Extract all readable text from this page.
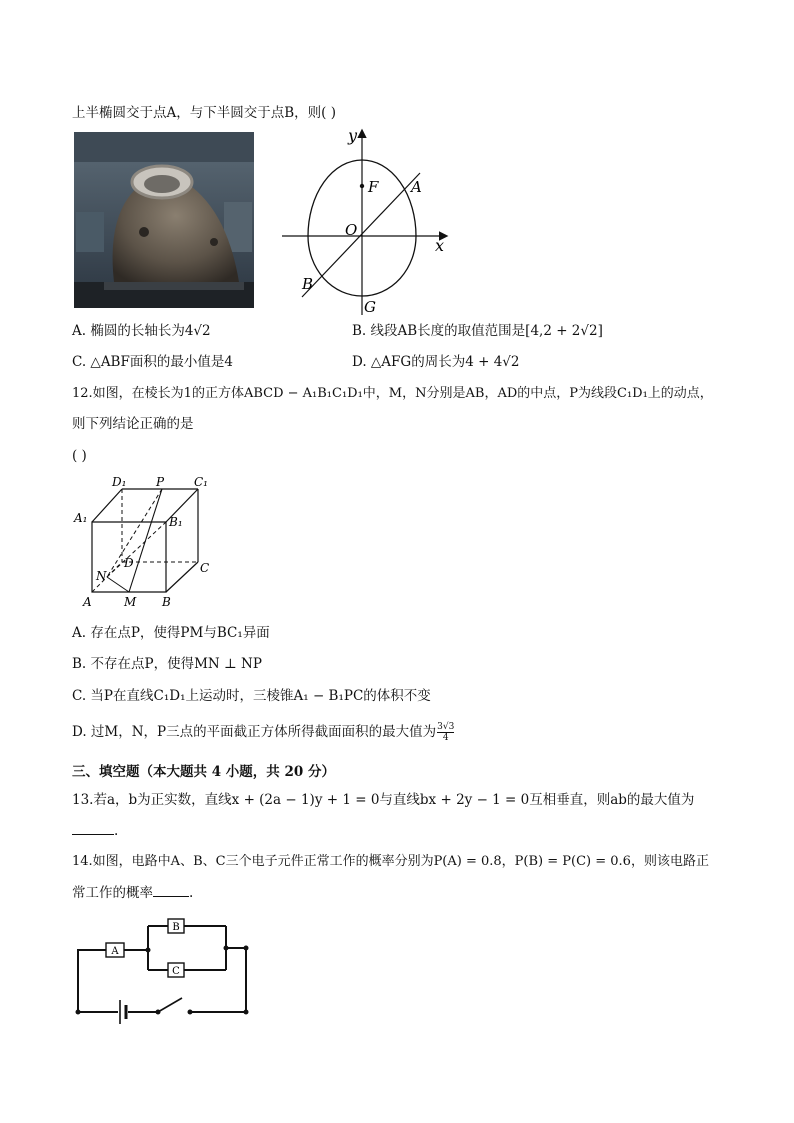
上半椭圆交于点A，与下半圆交于点B，则( )
y
x
O
F A
B
G
A. 椭圆的长轴长为4√2	B. 线段AB长度的取值范围是[4,2 + 2√2]
C. △ABF面积的最小值是4	D. △AFG的周长为4 + 4√2
12.如图，在棱长为1的正方体ABCD − A₁B₁C₁D₁中，M，N分别是AB，AD的中点，P为线段C₁D₁上的动点，
则下列结论正确的是
( )
D₁ P C₁
A₁	B₁
D
N
C
A	M B
A. 存在点P，使得PM与BC₁异面
B. 不存在点P，使得MN ⊥ NP
C. 当P在直线C₁D₁上运动时，三棱锥A₁ − B₁PC的体积不变
D. 过M，N，P三点的平面截正方体所得截面面积的最大值为 $\frac{3√3}{4}$
三、填空题（本大题共 4 小题，共 20 分）
13.若a，b为正实数，直线x + (2a − 1)y + 1 = 0与直线bx + 2y − 1 = 0互相垂直，则ab的最大值为
.
14.如图，电路中A、B、C三个电子元件正常工作的概率分别为P(A) = 0.8，P(B) = P(C) = 0.6，则该电路正
常工作的概率	.
A
B
C
